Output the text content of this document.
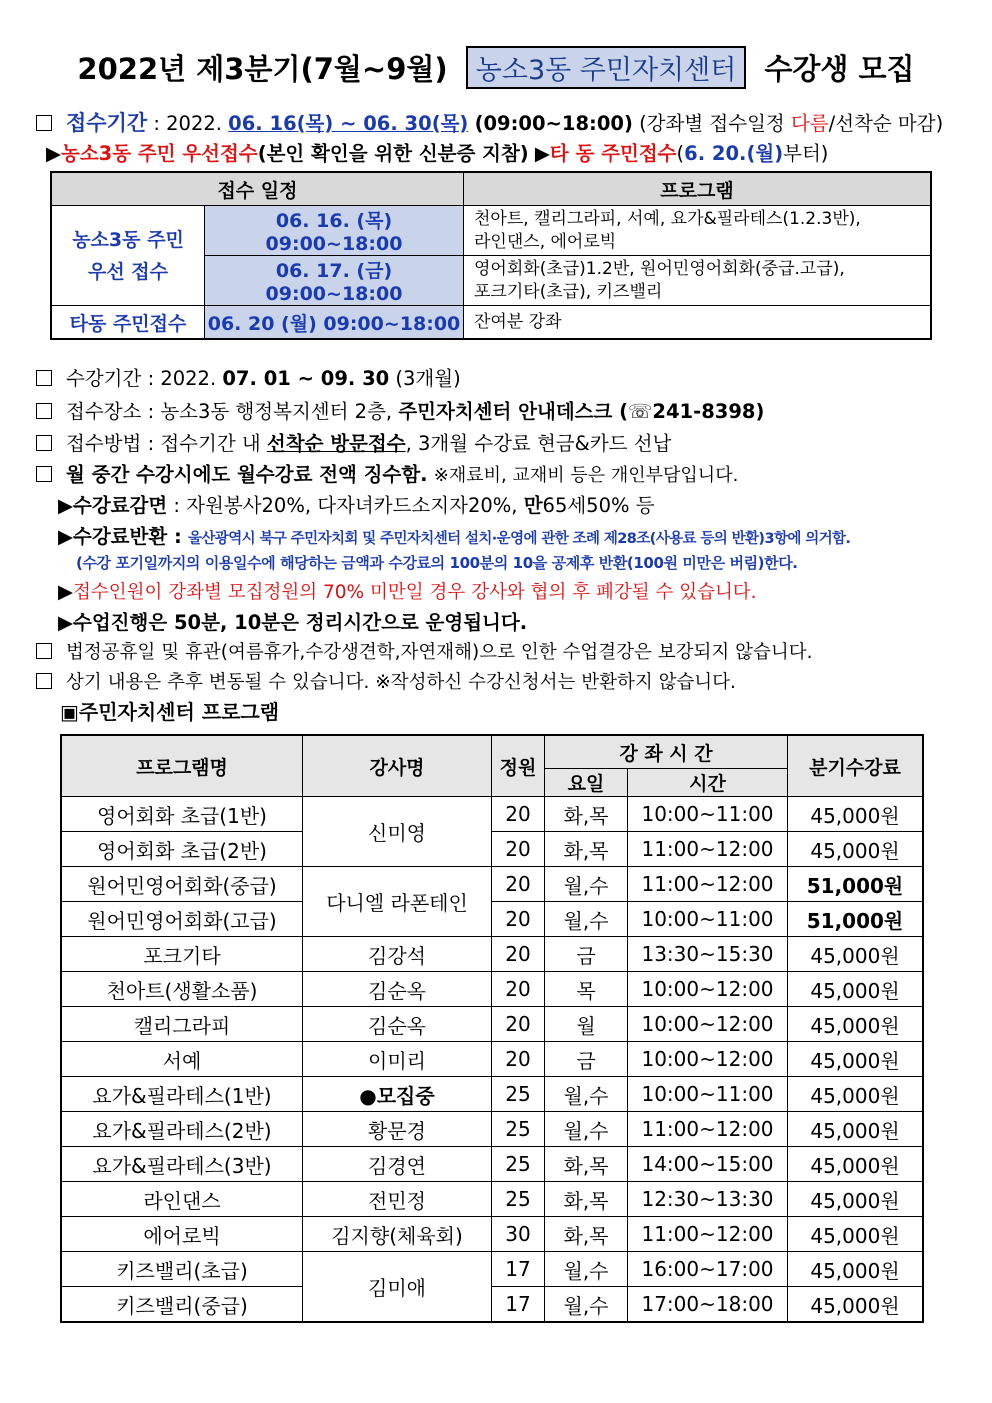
2022년 제3분기(7월~9월) 농소3동 주민자치센터 수강생 모집
접수기간 : 2022. 06. 16(목) ~ 06. 30(목) (09:00~18:00) (강좌별 접수일정 다름/선착순 마감)
▶농소3동 주민 우선접수(본인 확인을 위한 신분증 지참) ▶타 동 주민접수(6. 20.(월)부터)
접수 일정		프로그램
농소3동 주민
우선 접수	06. 16. (목) 09:00~18:00	천아트, 캘리그라피, 서예, 요가&필라테스(1.2.3반),
라인댄스, 에어로빅
	06. 17. (금) 09:00~18:00	영어회화(초급)1.2반, 원어민영어회화(중급.고급),
포크기타(초급), 키즈밸리
타동 주민접수	06. 20 (월) 09:00~18:00	잔여분 강좌
수강기간 : 2022. 07. 01 ~ 09. 30 (3개월)
접수장소 : 농소3동 행정복지센터 2층, 주민자치센터 안내데스크 (☏241-8398)
접수방법 : 접수기간 내 선착순 방문접수, 3개월 수강료 현금&카드 선납
월 중간 수강시에도 월수강료 전액 징수함. ※재료비, 교재비 등은 개인부담입니다.
▶수강료감면 : 자원봉사20%, 다자녀카드소지자20%, 만65세50% 등
▶수강료반환 : 울산광역시 북구 주민자치회 및 주민자치센터 설치·운영에 관한 조례 제28조(사용료 등의 반환)3항에 의거함.
(수강 포기일까지의 이용일수에 해당하는 금액과 수강료의 100분의 10을 공제후 반환(100원 미만은 버림)한다.
▶접수인원이 강좌별 모집정원의 70% 미만일 경우 강사와 협의 후 폐강될 수 있습니다.
▶수업진행은 50분, 10분은 정리시간으로 운영됩니다.
법정공휴일 및 휴관(여름휴가,수강생견학,자연재해)으로 인한 수업결강은 보강되지 않습니다.
상기 내용은 추후 변동될 수 있습니다. ※작성하신 수강신청서는 반환하지 않습니다.
▣주민자치센터 프로그램
프로그램명	강사명	정원	강 좌 시 간		분기수강료
			요일	시간	
영어회화 초급(1반)	신미영	20	화,목	10:00~11:00	45,000원
영어회화 초급(2반)		20	화,목	11:00~12:00	45,000원
원어민영어회화(중급)	다니엘 라폰테인	20	월,수	11:00~12:00	51,000원
원어민영어회화(고급)		20	월,수	10:00~11:00	51,000원
포크기타	김강석	20	금	13:30~15:30	45,000원
천아트(생활소품)	김순옥	20	목	10:00~12:00	45,000원
캘리그라피	김순옥	20	월	10:00~12:00	45,000원
서예	이미리	20	금	10:00~12:00	45,000원
요가&필라테스(1반)	●모집중	25	월,수	10:00~11:00	45,000원
요가&필라테스(2반)	황문경	25	월,수	11:00~12:00	45,000원
요가&필라테스(3반)	김경연	25	화,목	14:00~15:00	45,000원
라인댄스	전민정	25	화,목	12:30~13:30	45,000원
에어로빅	김지향(체육회)	30	화,목	11:00~12:00	45,000원
키즈밸리(초급)	김미애	17	월,수	16:00~17:00	45,000원
키즈밸리(중급)		17	월,수	17:00~18:00	45,000원
